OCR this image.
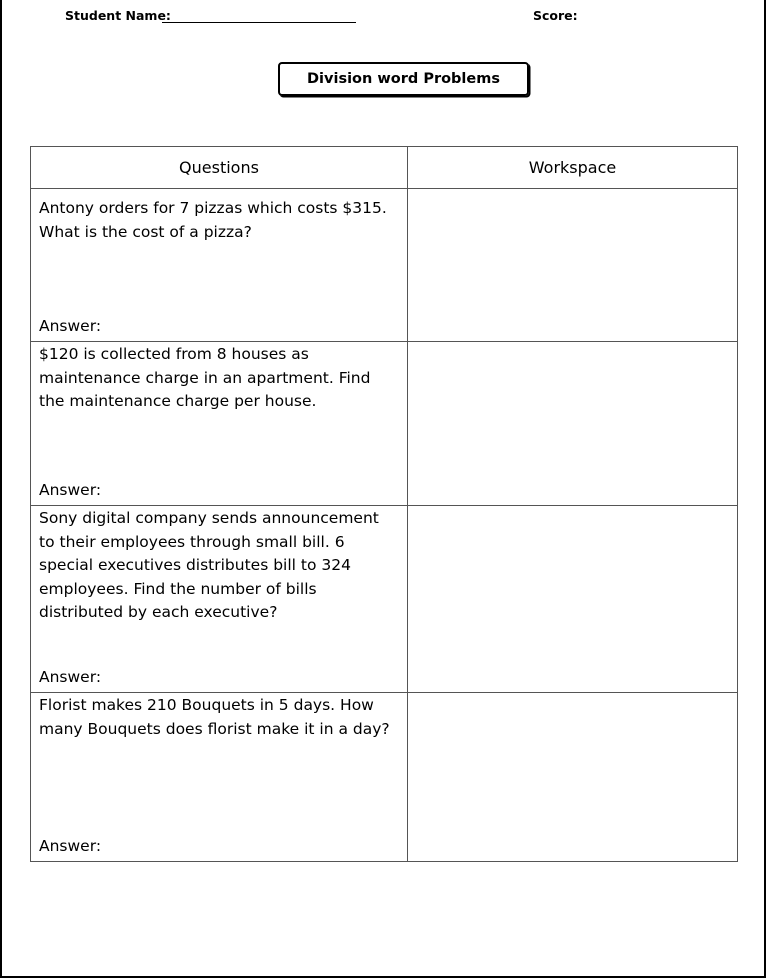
Student Name:	Score:
Division word Problems
Questions	Workspace

Antony orders for 7 pizzas which costs $315. What is the cost of a pizza?
Answer:	

$120 is collected from 8 houses as maintenance charge in an apartment. Find the maintenance charge per house.
Answer:	

Sony digital company sends announcement to their employees through small bill. 6 special executives distributes bill to 324 employees. Find the number of bills distributed by each executive?
Answer:	

Florist makes 210 Bouquets in 5 days. How many Bouquets does florist make it in a day?
Answer:	
